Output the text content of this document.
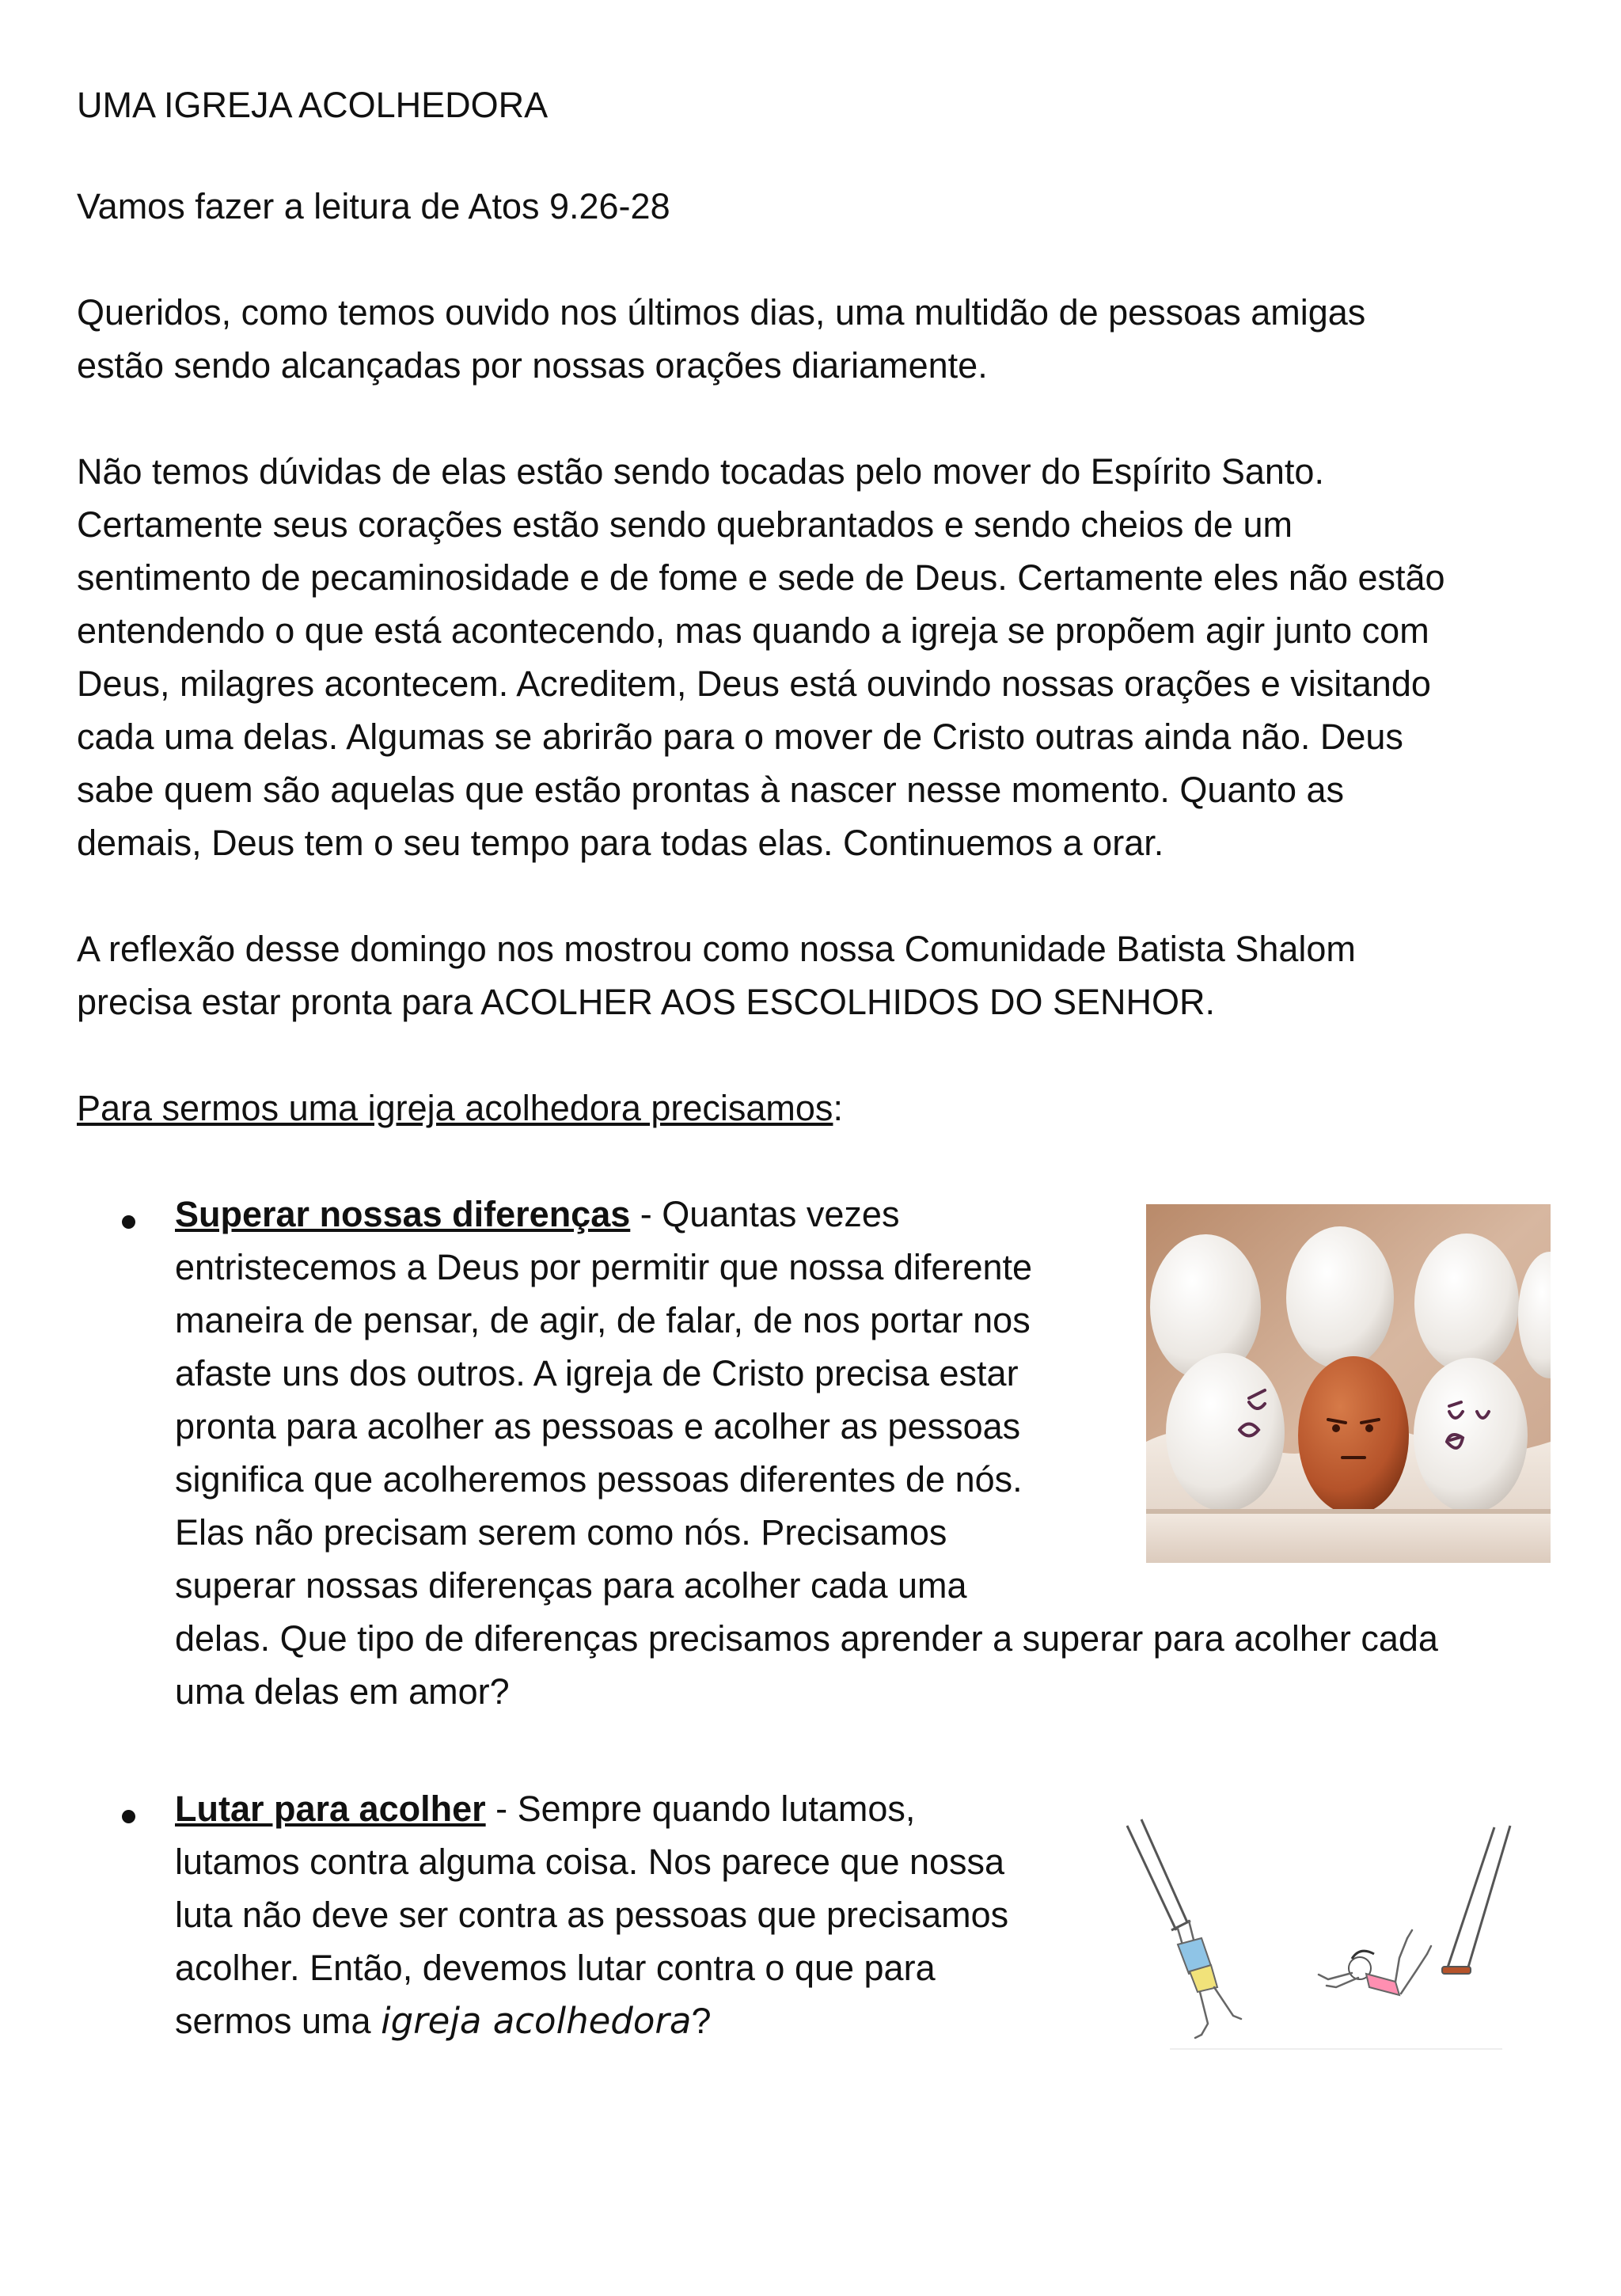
UMA IGREJA ACOLHEDORA

Vamos fazer a leitura de Atos 9.26-28

Queridos, como temos ouvido nos últimos dias, uma multidão de pessoas amigas

estão sendo alcançadas por nossas orações diariamente.

Não temos dúvidas de elas estão sendo tocadas pelo mover do Espírito Santo.

Certamente seus corações estão sendo quebrantados e sendo cheios de um

sentimento de pecaminosidade e de fome e sede de Deus. Certamente eles não estão

entendendo o que está acontecendo, mas quando a igreja se propõem agir junto com

Deus, milagres acontecem. Acreditem, Deus está ouvindo nossas orações e visitando

cada uma delas. Algumas se abrirão para o mover de Cristo outras ainda não. Deus

sabe quem são aquelas que estão prontas à nascer nesse momento. Quanto as

demais, Deus tem o seu tempo para todas elas. Continuemos a orar.

A reflexão desse domingo nos mostrou como nossa Comunidade Batista Shalom

precisa estar pronta para ACOLHER AOS ESCOLHIDOS DO SENHOR.

Para sermos uma igreja acolhedora precisamos:

Superar nossas diferenças - Quantas vezes

entristecemos a Deus por permitir que nossa diferente

maneira de pensar, de agir, de falar, de nos portar nos

afaste uns dos outros. A igreja de Cristo precisa estar

pronta para acolher as pessoas e acolher as pessoas

significa que acolheremos pessoas diferentes de nós.

Elas não precisam serem como nós. Precisamos

superar nossas diferenças para acolher cada uma

delas. Que tipo de diferenças precisamos aprender a superar para acolher cada

uma delas em amor?

Lutar para acolher - Sempre quando lutamos,

lutamos contra alguma coisa. Nos parece que nossa

luta não deve ser contra as pessoas que precisamos

acolher. Então, devemos lutar contra o que para

sermos uma igreja acolhedora?
